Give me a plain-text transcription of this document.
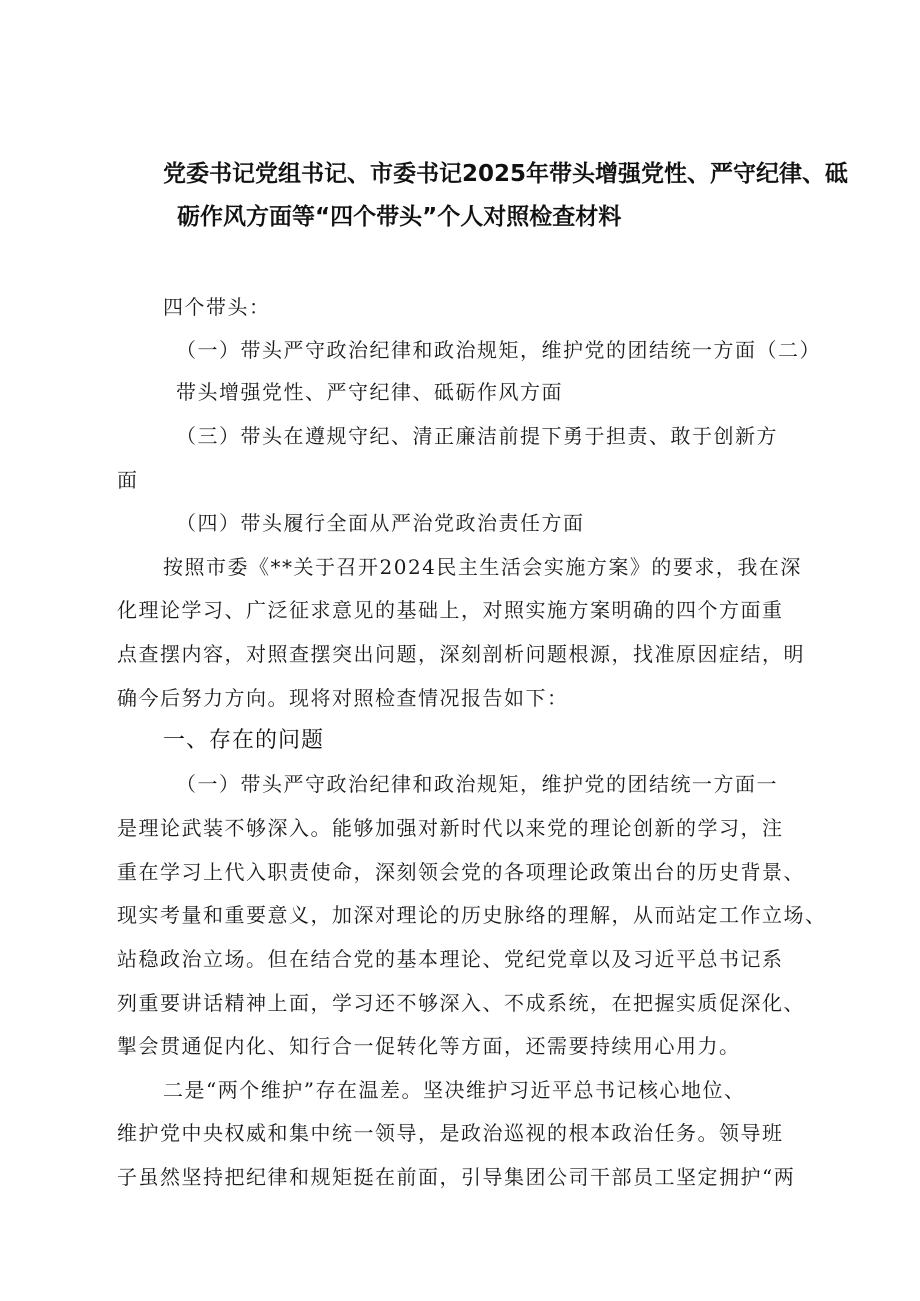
党委书记党组书记、市委书记2025年带头增强党性、严守纪律、砥
砺作风方面等“四个带头”个人对照检查材料
四个带头：
（一）带头严守政治纪律和政治规矩，维护党的团结统一方面（二）
带头增强党性、严守纪律、砥砺作风方面
（三）带头在遵规守纪、清正廉洁前提下勇于担责、敢于创新方
面
（四）带头履行全面从严治党政治责任方面
按照市委《**关于召开2024民主生活会实施方案》的要求，我在深
化理论学习、广泛征求意见的基础上，对照实施方案明确的四个方面重
点查摆内容，对照查摆突出问题，深刻剖析问题根源，找准原因症结，明
确今后努力方向。现将对照检查情况报告如下：
一、存在的问题
（一）带头严守政治纪律和政治规矩，维护党的团结统一方面一
是理论武装不够深入。能够加强对新时代以来党的理论创新的学习，注
重在学习上代入职责使命，深刻领会党的各项理论政策出台的历史背景、
现实考量和重要意义，加深对理论的历史脉络的理解，从而站定工作立场、
站稳政治立场。但在结合党的基本理论、党纪党章以及习近平总书记系
列重要讲话精神上面，学习还不够深入、不成系统，在把握实质促深化、
掣会贯通促内化、知行合一促转化等方面，还需要持续用心用力。
二是“两个维护”存在温差。坚决维护习近平总书记核心地位、
维护党中央权威和集中统一领导，是政治巡视的根本政治任务。领导班
子虽然坚持把纪律和规矩挺在前面，引导集团公司干部员工坚定拥护“两
